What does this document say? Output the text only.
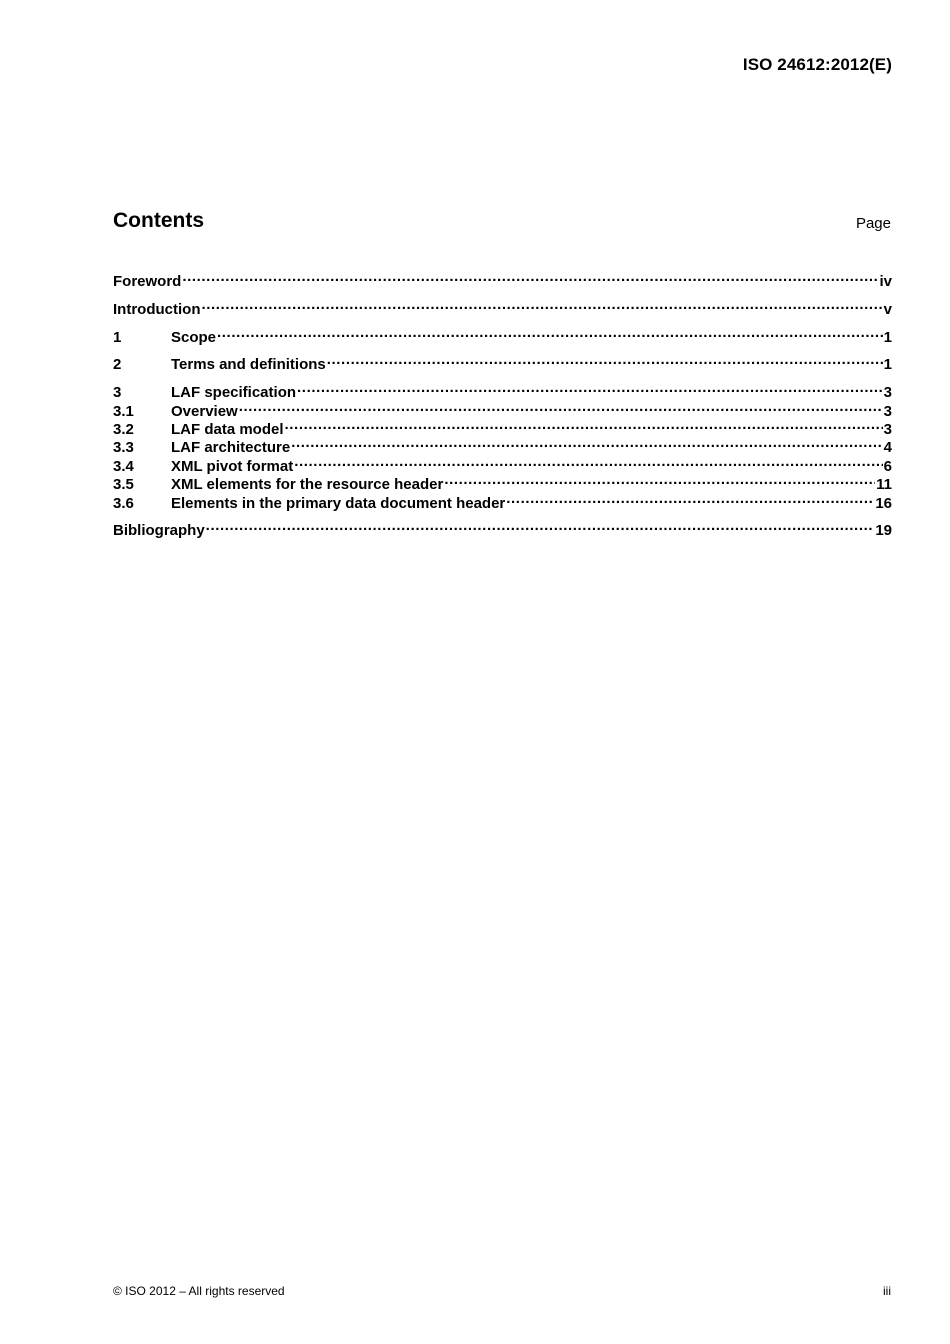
ISO 24612:2012(E)
Contents	Page
Foreword .....	iv
Introduction .....	v
1	Scope .....	1
2	Terms and definitions .....	1
3	LAF specification .....	3
3.1	Overview .....	3
3.2	LAF data model .....	3
3.3	LAF architecture .....	4
3.4	XML pivot format .....	6
3.5	XML elements for the resource header .....	11
3.6	Elements in the primary data document header .....	16
Bibliography .....	19
© ISO 2012 – All rights reserved	iii
